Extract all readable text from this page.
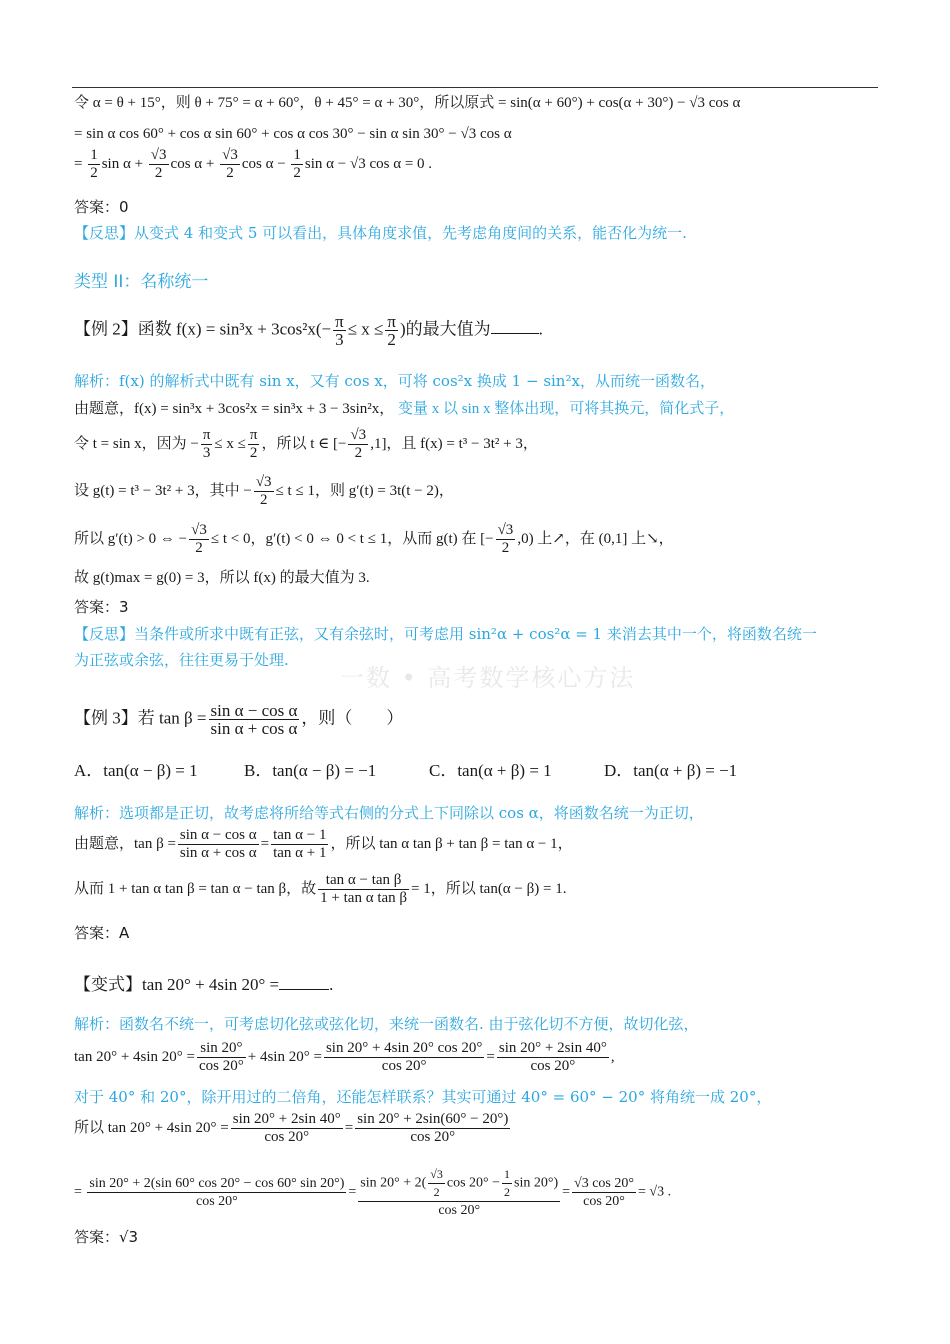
令 α = θ + 15°，则 θ + 75° = α + 60°，θ + 45° = α + 30°，所以原式 = sin(α + 60°) + cos(α + 30°) − √3 cos α
= sin α cos 60° + cos α sin 60° + cos α cos 30° − sin α sin 30° − √3 cos α
= $\frac{1}{2}$ $\sin \alpha + \frac{√3}{2}$ $\cos \alpha + \frac{√3}{2}$ $\cos \alpha - \frac{1}{2}$ sin α − √3 cos α = 0 .
答案：0
【反思】从变式 4 和变式 5 可以看出，具体角度求值，先考虑角度间的关系，能否化为统一.
类型 II：名称统一
【例 2】函数 $f(x) = \sin^3x + 3\cos^2x(- \frac{\pi}{3} \le x \le \frac{\pi}{2}$ )的最大值为	.
解析：f(x) 的解析式中既有 sin x，又有 cos x，可将 cos²x 换成 1 − sin²x，从而统一函数名，
由题意，f(x) = sin³x + 3cos²x = sin³x + 3 − 3sin²x， 变量 x 以 sin x 整体出现，可将其换元，简化式子，
令 t = sin x，因为 − $\frac{\pi}{3} \le x \le \frac{\pi}{2}$ ，所以 t ∈ [− $\frac{√3}{2} ,1$]，且 f(x) = t³ − 3t² + 3，
设 g(t) = t³ − 3t² + 3，其中 − $\frac{√3}{2} \le t \le 1$，则 g′(t) = 3t(t − 2)，
所以 g′(t) > 0 ⇔ − $\frac{√3}{2} \le t < 0$，g′(t) < 0 ⇔ 0 < t ≤ 1，从而 g(t) 在 [− $\frac{√3}{2} ,0$) 上↗，在 (0,1] 上↘，
故 g(t)max = g(0) = 3，所以 f(x) 的最大值为 3.
答案：3
【反思】当条件或所求中既有正弦，又有余弦时，可考虑用 sin²α + cos²α = 1 来消去其中一个，将函数名统一
为正弦或余弦，往往更易于处理.
一数 • 高考数学核心方法
【例 3】若 $\tan \beta = \frac{\text{sin α − cos α}}{\text{sin α + cos α}}$ ，则（　　）
A．tan(α − β) = 1	B．tan(α − β) = −1	C．tan(α + β) = 1	D．tan(α + β) = −1
解析：选项都是正切，故考虑将所给等式右侧的分式上下同除以 cos α，将函数名统一为正切，
由题意，$\tan \beta = \frac{\text{sin α − cos α}}{\text{sin α + cos α}} = \frac{\text{tan α − 1}}{\text{tan α + 1}}$ ，所以 tan α tan β + tan β = tan α − 1，
从而 1 + tan α tan β = tan α − tan β，故 $\frac{\text{tan α − tan β}}{\text{1 + tan α tan β}} = 1$，所以 tan(α − β) = 1.
答案：A
【变式】tan 20° + 4sin 20° =	.
解析：函数名不统一，可考虑切化弦或弦化切，来统一函数名. 由于弦化切不方便，故切化弦，
tan 20° + 4sin $20^\circ = \frac{\sin 20^\circ}{\cos 20^\circ} + 4\sin$ $20^\circ = \frac{\sin 20^\circ + 4\sin 20^\circ \cos 20^\circ}{\cos 20^\circ} = \frac{\sin 20^\circ + 2\sin 40^\circ}{\cos 20^\circ}$ ,
对于 40° 和 20°，除开用过的二倍角，还能怎样联系？其实可通过 40° = 60° − 20° 将角统一成 20°，
所以 tan 20° + 4sin $20^\circ = \frac{\sin 20^\circ + 2\sin 40^\circ}{\cos 20^\circ} = \frac{\sin 20^\circ + 2\sin(60^\circ - 20^\circ)}{\cos 20^\circ}$
= $\frac{\sin 20^\circ + 2(\sin 60^\circ \cos 20^\circ - \cos 60^\circ \sin 20^\circ)}{\cos 20^\circ} = \frac{\sin 20^\circ + 2( \frac{√3}{2} \cos 20^\circ - \frac{1}{2} \sin 20^\circ)}{\cos 20^\circ} = \frac{√3 \cos 20^\circ}{\cos 20^\circ} = √3$ .
答案：√3
